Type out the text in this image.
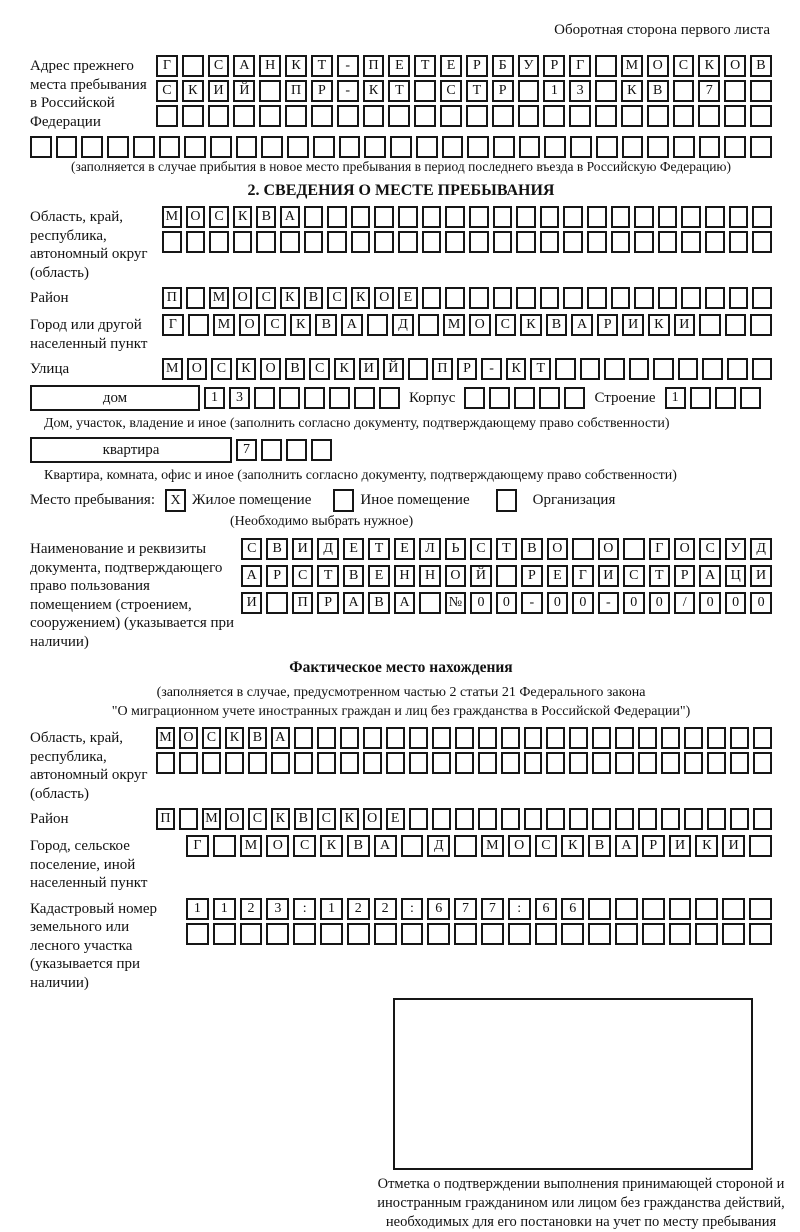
Оборотная сторона первого листа
Адрес прежнего места пребывания в Российской Федерации
Г	С	А	Н	К	Т	-	П	Е	Т	Е	Р	Б	У	Р	Г	М	О	С	К	О	В
С	К	И	Й	П	Р	-	К	Т	С	Т	Р	1	3	К	В	7
(заполняется в случае прибытия в новое место пребывания в период последнего въезда в Российскую Федерацию)
2. СВЕДЕНИЯ О МЕСТЕ ПРЕБЫВАНИЯ
Область, край, республика, автономный округ (область)
М О С	К	В А
Район	П	М О С	К	В	С	К О	Е
Город или другой населенный пункт
Г	М	О	С	К	В	А	Д	М	О	С	К	В	А	Р	И	К	И
Улица	М О	С	К	О	В	С	К	И	Й	П	Р	-	К	Т
дом	1	3	Корпус	Строение	1
Дом, участок, владение и иное (заполнить согласно документу, подтверждающему право собственности)
квартира	7
Квартира, комната, офис и иное (заполнить согласно документу, подтверждающему право собственности)
Место пребывания:	X Жилое помещение	Иное помещение	Организация
(Необходимо выбрать нужное)
Наименование и реквизиты документа, подтверждающего право пользования помещением (строением, сооружением) (указывается при наличии)
С	В	И	Д	Е	Т	Е	Л	Ь	С	Т	В	О	О	Г	О	С	У	Д
А	Р	С	Т	В	Е	Н	Н	О	Й	Р	Е	Г	И	С	Т	Р	А	Ц	И
И	П	Р	А	В	А	№	0	0	-	0	0	-	0	0	/	0	0	0
Фактическое место нахождения
(заполняется в случае, предусмотренном частью 2 статьи 21 Федерального закона
"О миграционном учете иностранных граждан и лиц без гражданства в Российской Федерации")
Область, край, республика, автономный округ (область)
М О С К В А
Район	П	М О С К В С К О Е
Город, сельское поселение, иной населенный пункт
Г	М	О	С	К	В	А	Д	М	О	С	К	В	А	Р	И	К	И
Кадастровый номер земельного или лесного участка (указывается при наличии)
1	1	2	3	:	1	2	2	:	6	7	7	:	6	6
Отметка о подтверждении выполнения принимающей стороной и иностранным гражданином или лицом без гражданства действий, необходимых для его постановки на учет по месту пребывания
